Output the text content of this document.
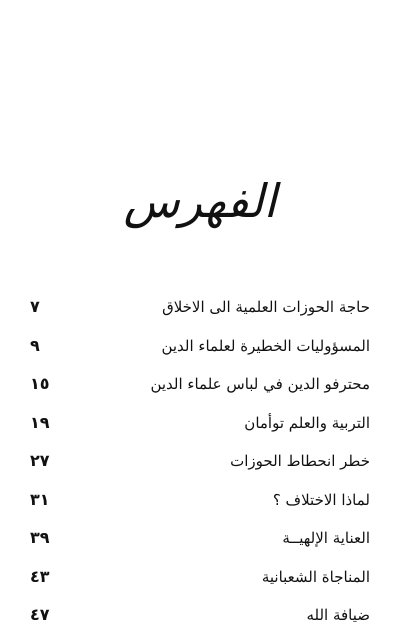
الفهرس
٧	حاجة الحوزات العلمية الى الاخلاق
٩	المسؤوليات الخطيرة لعلماء الدين
١٥	محترفو الدين في لباس علماء الدين
١٩	التربية والعلم توأمان
٢٧	خطر انحطاط الحوزات
٣١	لماذا الاختلاف ؟
٣٩	العناية الإلهيــة
٤٣	المناجاة الشعبانية
٤٧	ضيافة الله
